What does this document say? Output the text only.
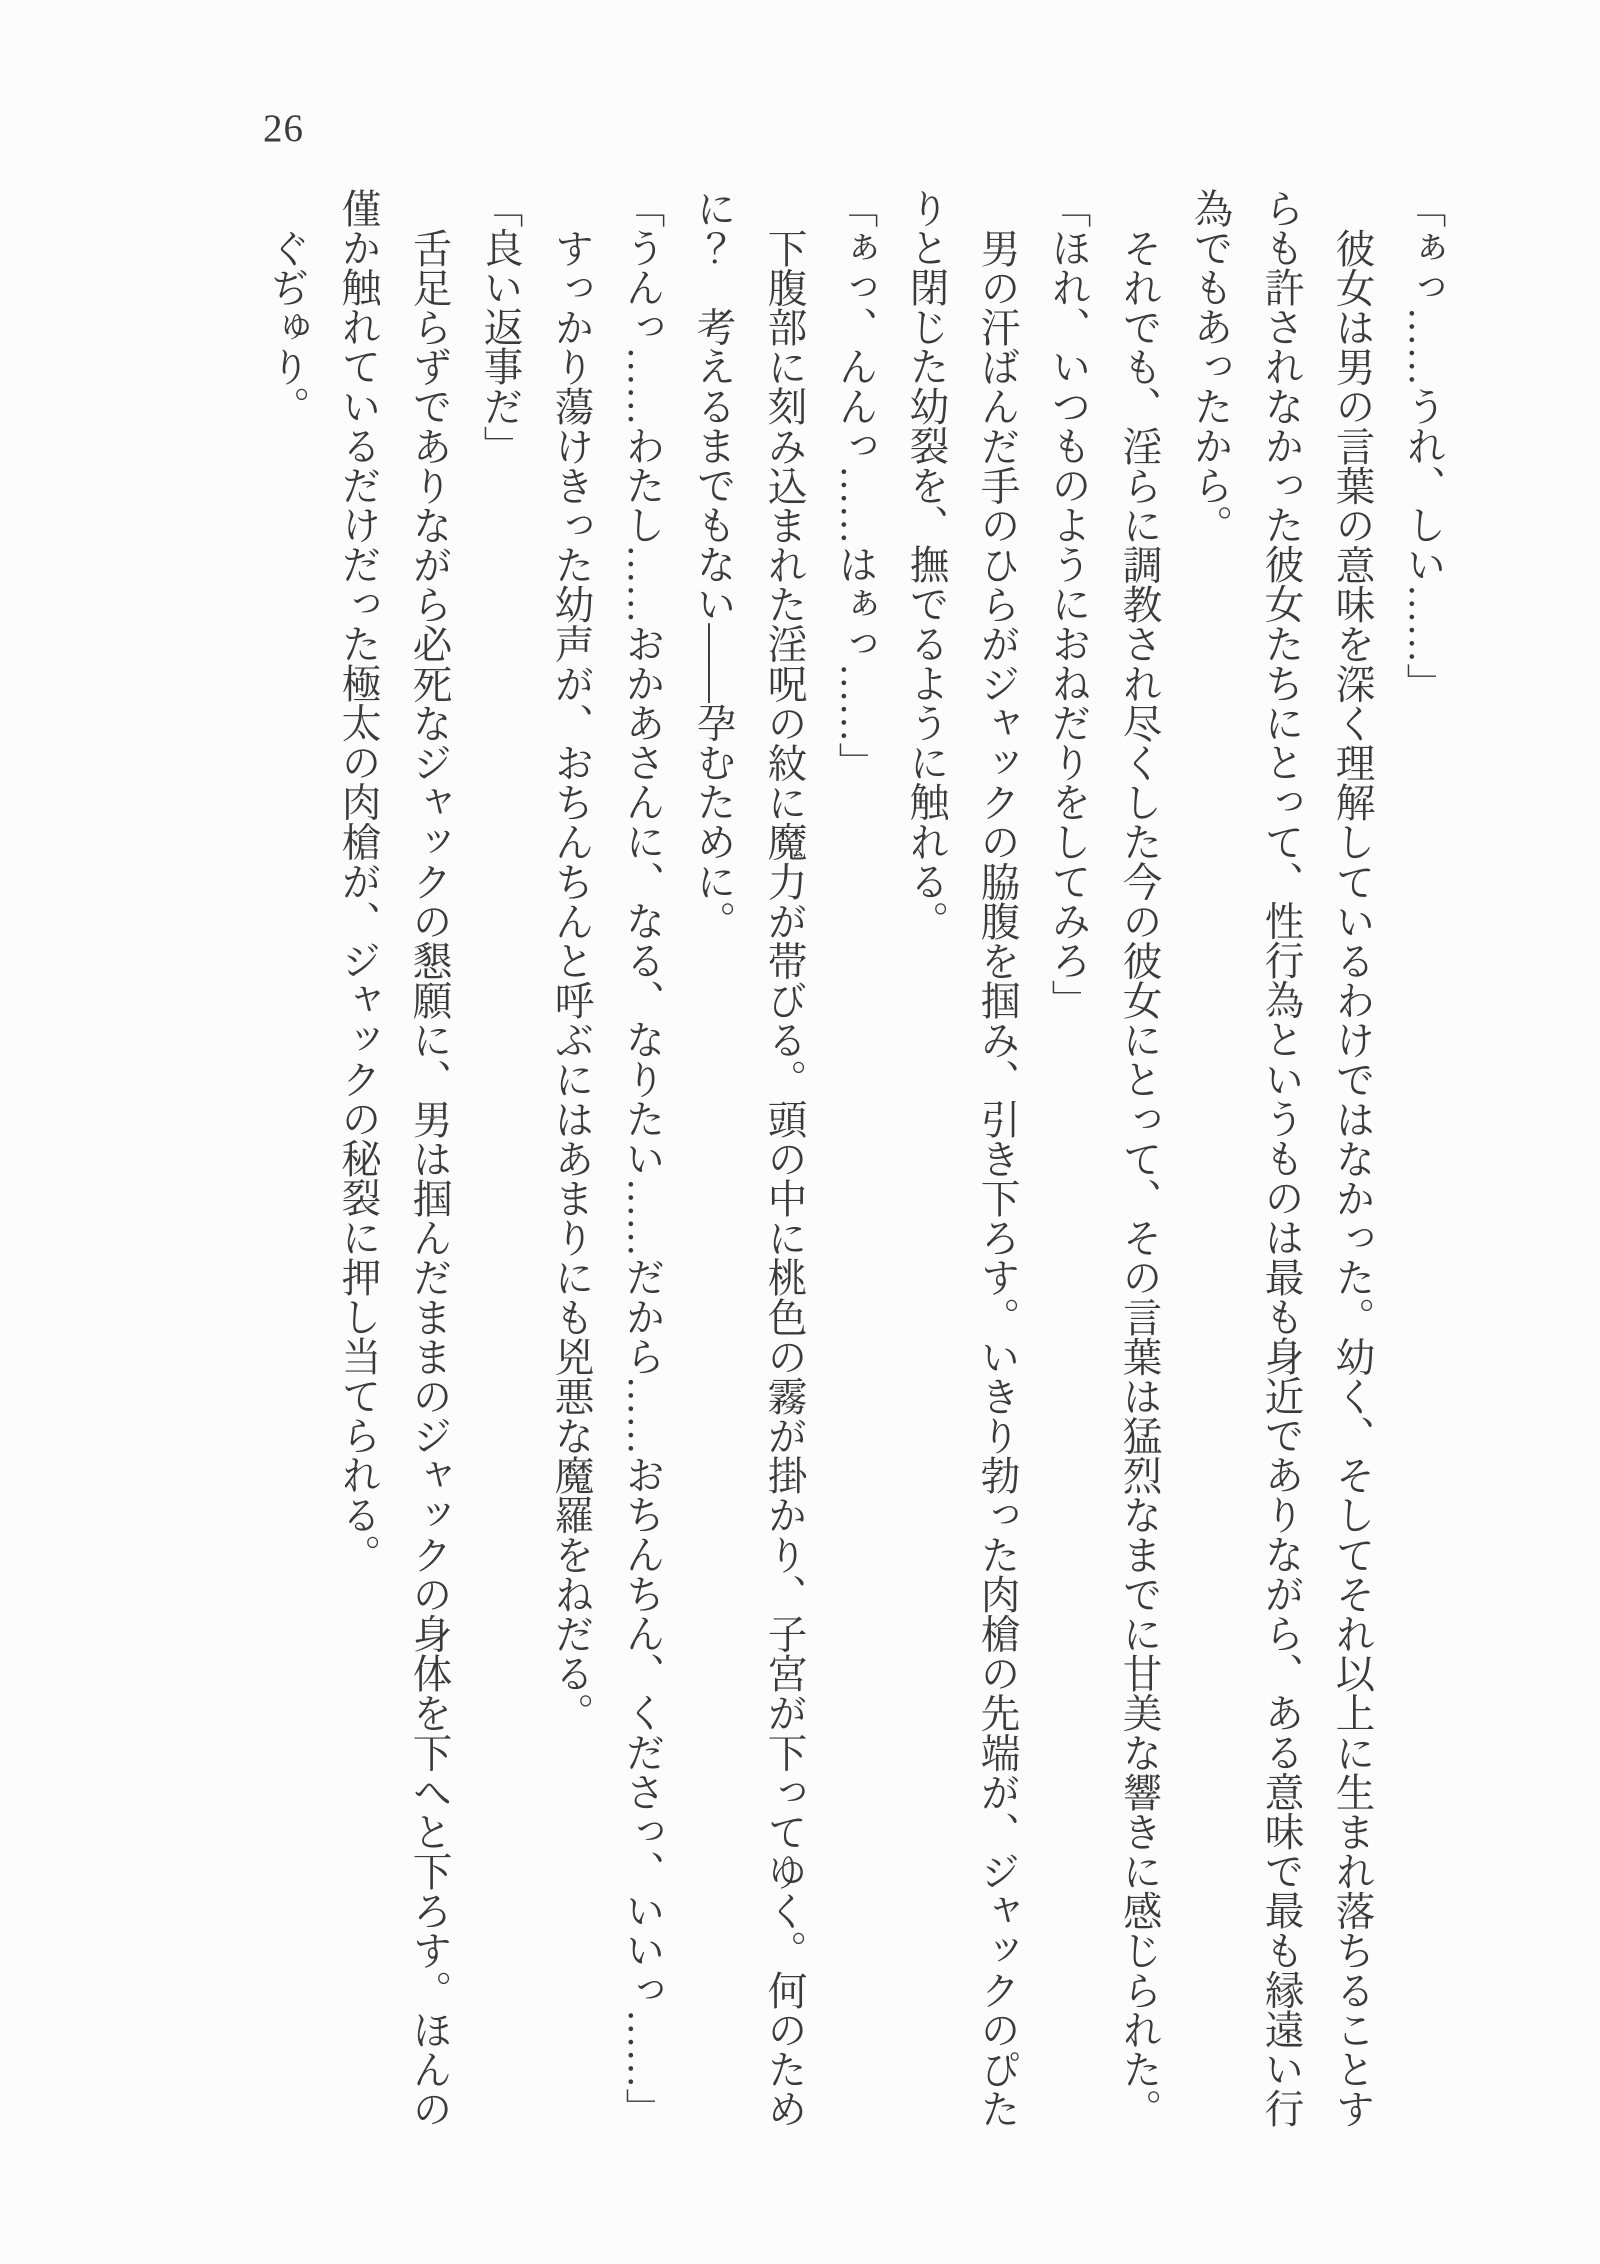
26
「ぁっ……うれ、しい……」
彼女は男の言葉の意味を深く理解しているわけではなかった。幼く、そしてそれ以上に生まれ落ちることす
らも許されなかった彼女たちにとって、性行為というものは最も身近でありながら、ある意味で最も縁遠い行
為でもあったから。
それでも、淫らに調教され尽くした今の彼女にとって、その言葉は猛烈なまでに甘美な響きに感じられた。
「ほれ、いつものようにおねだりをしてみろ」
男の汗ばんだ手のひらがジャックの脇腹を掴み、引き下ろす。いきり勃った肉槍の先端が、ジャックのぴた
りと閉じた幼裂を、撫でるように触れる。
「ぁっ、んんっ……はぁっ……」
下腹部に刻み込まれた淫呪の紋に魔力が帯びる。頭の中に桃色の霧が掛かり、子宮が下ってゆく。何のため
に？　考えるまでもない——孕むために。
「うんっ……わたし……おかあさんに、なる、なりたい……だから……おちんちん、くださっ、いいっ……」
すっかり蕩けきった幼声が、おちんちんと呼ぶにはあまりにも兇悪な魔羅をねだる。
「良い返事だ」
舌足らずでありながら必死なジャックの懇願に、男は掴んだままのジャックの身体を下へと下ろす。ほんの
僅か触れているだけだった極太の肉槍が、ジャックの秘裂に押し当てられる。
ぐぢゅり。
